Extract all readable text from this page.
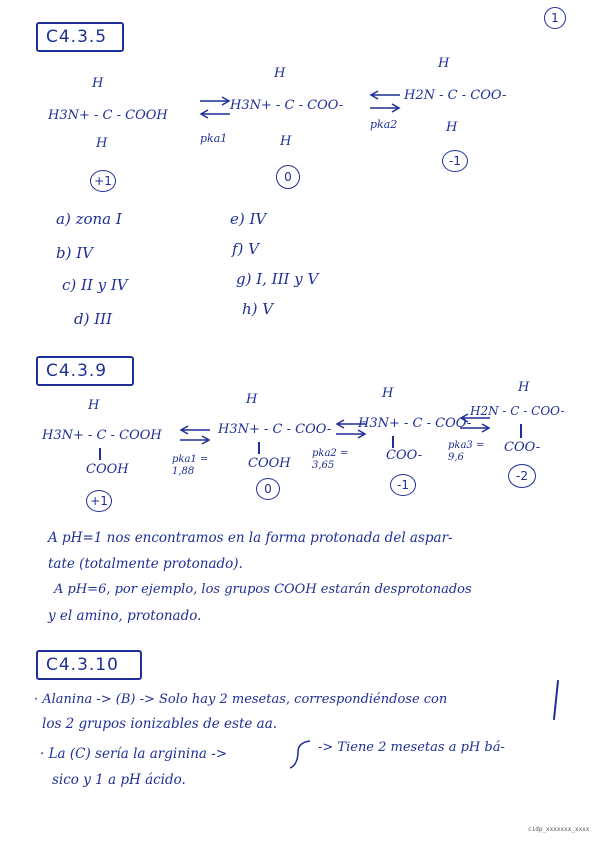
1
C4.3.5
H
H3N+ - C - COOH
H	pka1
H
H3N+ - C - COO-
H
pka2
H
H2N - C - COO-
H
+1	0
-1
a) zona I
b) IV
c) II y IV
d) III
e) IV
f) V
g) I, III y V
h) V
C4.3.9
H
H3N+ - C - COOH
COOH
pka1 = 1,88
H
H3N+ - C - COO-
COOH
pka2 = 3,65
H
H3N+ - C - COO-
COO-
pka3 = 9,6
H
H2N - C - COO-
COO-
+1
0	-1
-2
A pH=1 nos encontramos en la forma protonada del aspar-
tate (totalmente protonado).
A pH=6, por ejemplo, los grupos COOH estarán desprotonados
y el amino, protonado.
C4.3.10
· Alanina -> (B) -> Solo hay 2 mesetas, correspondiéndose con
los 2 grupos ionizables de este aa.
· La (C) sería la arginina ->	-> Tiene 2 mesetas a pH bá-
sico y 1 a pH ácido.
cidp_xxxxxxx_xxxx
